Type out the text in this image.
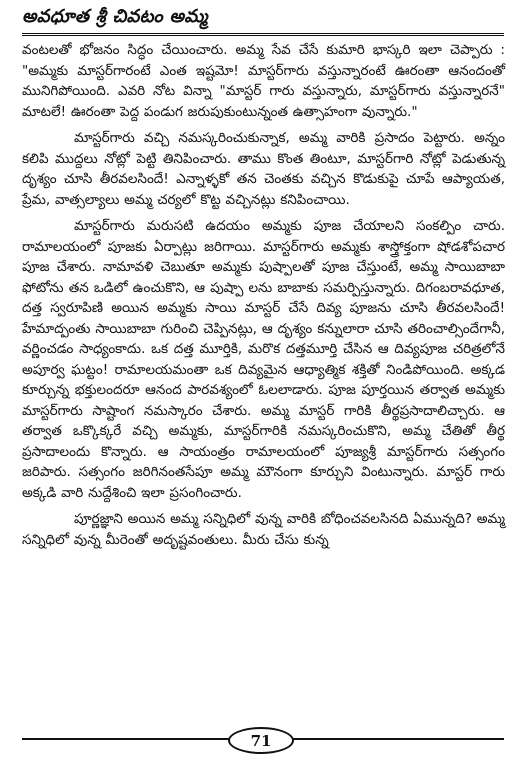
అవధూత శ్రీ చివటం అమ్మ

వంటలతో భోజనం సిద్ధం చేయించారు. అమ్మ సేవ చేసే కుమారి భాస్కరి ఇలా చెప్పారు : "అమ్మకు మాస్టర్‌గారంటే ఎంత ఇష్టమో! మాస్టర్‌గారు వస్తున్నారంటే ఊరంతా ఆనందంతో మునిగిపోయింది. ఎవరి నోట విన్నా "మాస్టర్ గారు వస్తున్నారు, మాస్టర్‌గారు వస్తున్నారనే" మాటలే! ఊరంతా పెద్ద పండుగ జరుపుకుంటున్నంత ఉత్సాహంగా వున్నారు."

మాస్టర్‌గారు వచ్చి నమస్కరించుకున్నాక, అమ్మ వారికి ప్రసాదం పెట్టారు. అన్నం కలిపి ముద్దలు నోట్లో పెట్టి తినిపించారు. తాము కొంత తింటూ, మాస్టర్‌గారి నోట్లో పెడుతున్న దృశ్యం చూసి తీరవలసిందే! ఎన్నాళ్ళకో తన చెంతకు వచ్చిన కొడుకుపై చూపే ఆప్యాయత, ప్రేమ, వాత్సల్యాలు అమ్మ చర్యలో కొట్ట వచ్చినట్లు కనిపించాయి.

మాస్టర్‌గారు మరుసటి ఉదయం అమ్మకు పూజ చేయాలని సంకల్పిం చారు. రామాలయంలో పూజకు ఏర్పాట్లు జరిగాయి. మాస్టర్‌గారు అమ్మకు శాస్త్రోక్తంగా షోడశోపచార పూజ చేశారు. నామావళి చెబుతూ అమ్మకు పుష్పాలతో పూజ చేస్తుంటే, అమ్మ సాయిబాబా ఫోటోను తన ఒడిలో ఉంచుకొని, ఆ పుష్పా లను బాబాకు సమర్పిస్తున్నారు. దిగంబరావధూత, దత్త స్వరూపిణి అయిన అమ్మకు సాయి మాస్టర్ చేసే దివ్య పూజను చూసి తీరవలసిందే! హేమాద్పంతు సాయిబాబా గురించి చెప్పినట్లు, ఆ దృశ్యం కన్నులారా చూసి తరించాల్సిందేగానీ, వర్ణించడం సాధ్యంకాదు. ఒక దత్త మూర్తికి, మరొక దత్తమూర్తి చేసిన ఆ దివ్యపూజ చరిత్రలోనే అపూర్వ ఘట్టం! రామాలయమంతా ఒక దివ్యమైన ఆధ్యాత్మిక శక్తితో నిండిపోయింది. అక్కడ కూర్చున్న భక్తులందరూ ఆనంద పారవశ్యంలో ఓలలాడారు. పూజ పూర్తయిన తర్వాత అమ్మకు మాస్టర్‌గారు సాష్టాంగ నమస్కారం చేశారు. అమ్మ మాస్టర్ గారికి తీర్థప్రసాదాలిచ్చారు. ఆ తర్వాత ఒక్కొక్కరే వచ్చి అమ్మకు, మాస్టర్‌గారికి నమస్కరించుకొని, అమ్మ చేతితో తీర్థ ప్రసాదాలందు కొన్నారు. ఆ సాయంత్రం రామాలయంలో పూజ్యశ్రీ మాస్టర్‌గారు సత్సంగం జరిపారు. సత్సంగం జరిగినంతసేపూ అమ్మ మౌనంగా కూర్చుని వింటున్నారు. మాస్టర్ గారు అక్కడి వారి నుద్దేశించి ఇలా ప్రసంగించారు.

పూర్ణజ్ఞాని అయిన అమ్మ సన్నిధిలో వున్న వారికి బోధించవలసినది ఏమున్నది? అమ్మ సన్నిధిలో వున్న మీరెంతో అదృష్టవంతులు. మీరు చేసు కున్న

71
